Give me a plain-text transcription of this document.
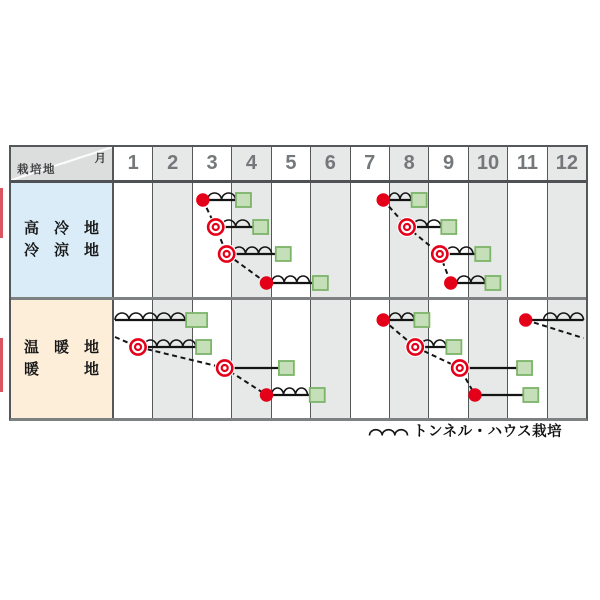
月
栽培地	1	2	3	4	5	6	7	8	9	10 11 12
高　冷　地
冷　涼　地
温　暖　地
暖　　　地
トンネル・ハウス栽培
